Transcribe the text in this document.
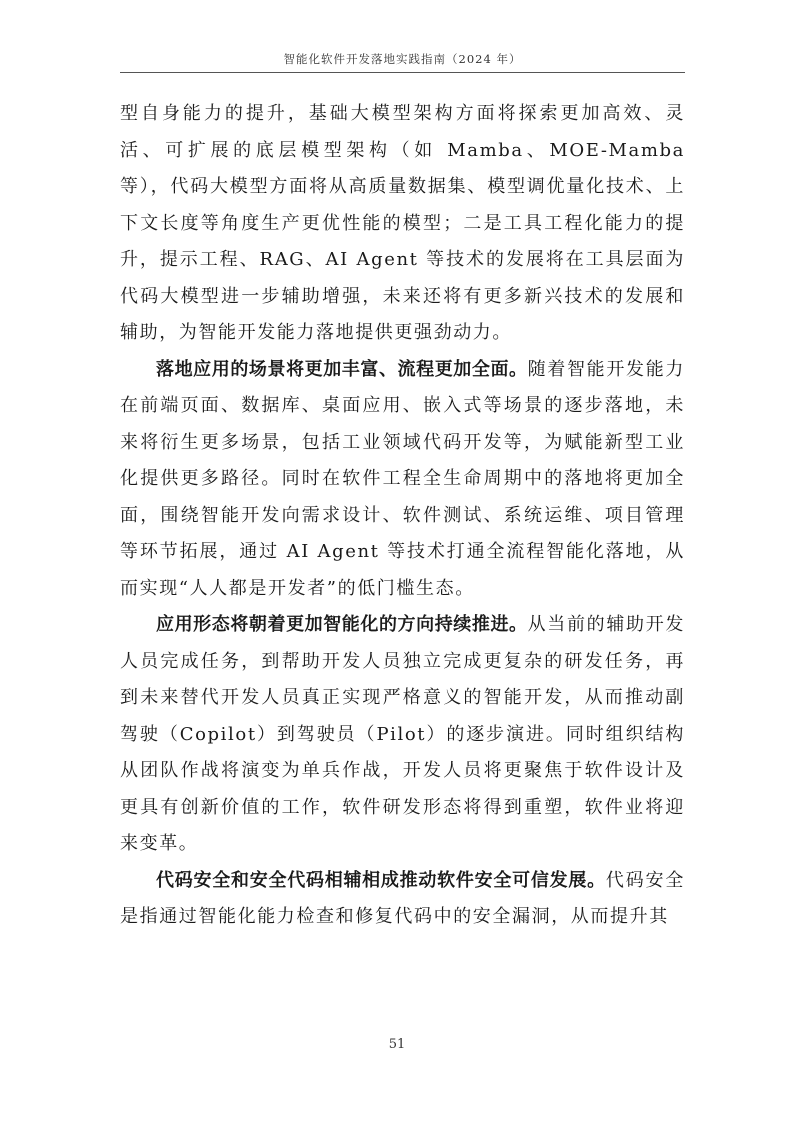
智能化软件开发落地实践指南（2024 年）

型自身能力的提升，基础大模型架构方面将探索更加高效、灵活、可扩展的底层模型架构（如 Mamba、MOE-Mamba 等），代码大模型方面将从高质量数据集、模型调优量化技术、上下文长度等角度生产更优性能的模型；二是工具工程化能力的提升，提示工程、RAG、AI Agent 等技术的发展将在工具层面为代码大模型进一步辅助增强，未来还将有更多新兴技术的发展和辅助，为智能开发能力落地提供更强劲动力。

落地应用的场景将更加丰富、流程更加全面。随着智能开发能力在前端页面、数据库、桌面应用、嵌入式等场景的逐步落地，未来将衍生更多场景，包括工业领域代码开发等，为赋能新型工业化提供更多路径。同时在软件工程全生命周期中的落地将更加全面，围绕智能开发向需求设计、软件测试、系统运维、项目管理等环节拓展，通过 AI Agent 等技术打通全流程智能化落地，从而实现“人人都是开发者”的低门槛生态。

应用形态将朝着更加智能化的方向持续推进。从当前的辅助开发人员完成任务，到帮助开发人员独立完成更复杂的研发任务，再到未来替代开发人员真正实现严格意义的智能开发，从而推动副驾驶（Copilot）到驾驶员（Pilot）的逐步演进。同时组织结构从团队作战将演变为单兵作战，开发人员将更聚焦于软件设计及更具有创新价值的工作，软件研发形态将得到重塑，软件业将迎来变革。

代码安全和安全代码相辅相成推动软件安全可信发展。代码安全是指通过智能化能力检查和修复代码中的安全漏洞，从而提升其

51
